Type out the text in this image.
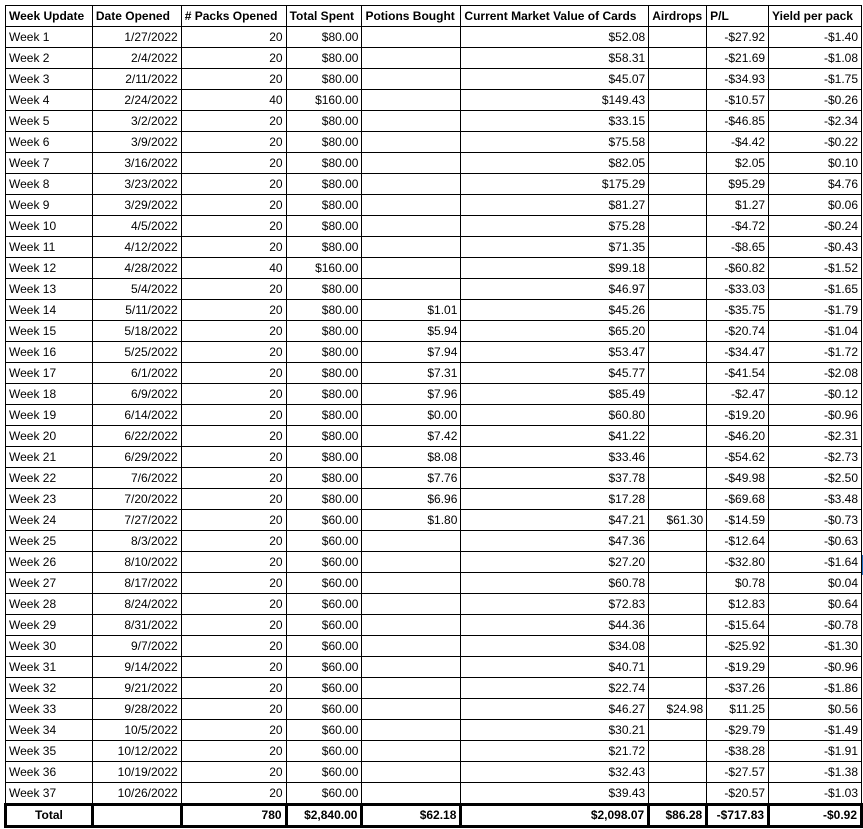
Week Update	Date Opened	# Packs Opened	Total Spent	Potions Bought	Current Market Value of Cards	Airdrops	P/L	Yield per pack
Week 1	1/27/2022	20	$80.00		$52.08		-$27.92	-$1.40
Week 2	2/4/2022	20	$80.00		$58.31		-$21.69	-$1.08
Week 3	2/11/2022	20	$80.00		$45.07		-$34.93	-$1.75
Week 4	2/24/2022	40	$160.00		$149.43		-$10.57	-$0.26
Week 5	3/2/2022	20	$80.00		$33.15		-$46.85	-$2.34
Week 6	3/9/2022	20	$80.00		$75.58		-$4.42	-$0.22
Week 7	3/16/2022	20	$80.00		$82.05		$2.05	$0.10
Week 8	3/23/2022	20	$80.00		$175.29		$95.29	$4.76
Week 9	3/29/2022	20	$80.00		$81.27		$1.27	$0.06
Week 10	4/5/2022	20	$80.00		$75.28		-$4.72	-$0.24
Week 11	4/12/2022	20	$80.00		$71.35		-$8.65	-$0.43
Week 12	4/28/2022	40	$160.00		$99.18		-$60.82	-$1.52
Week 13	5/4/2022	20	$80.00		$46.97		-$33.03	-$1.65
Week 14	5/11/2022	20	$80.00	$1.01	$45.26		-$35.75	-$1.79
Week 15	5/18/2022	20	$80.00	$5.94	$65.20		-$20.74	-$1.04
Week 16	5/25/2022	20	$80.00	$7.94	$53.47		-$34.47	-$1.72
Week 17	6/1/2022	20	$80.00	$7.31	$45.77		-$41.54	-$2.08
Week 18	6/9/2022	20	$80.00	$7.96	$85.49		-$2.47	-$0.12
Week 19	6/14/2022	20	$80.00	$0.00	$60.80		-$19.20	-$0.96
Week 20	6/22/2022	20	$80.00	$7.42	$41.22		-$46.20	-$2.31
Week 21	6/29/2022	20	$80.00	$8.08	$33.46		-$54.62	-$2.73
Week 22	7/6/2022	20	$80.00	$7.76	$37.78		-$49.98	-$2.50
Week 23	7/20/2022	20	$80.00	$6.96	$17.28		-$69.68	-$3.48
Week 24	7/27/2022	20	$60.00	$1.80	$47.21	$61.30	-$14.59	-$0.73
Week 25	8/3/2022	20	$60.00		$47.36		-$12.64	-$0.63
Week 26	8/10/2022	20	$60.00		$27.20		-$32.80	-$1.64
Week 27	8/17/2022	20	$60.00		$60.78		$0.78	$0.04
Week 28	8/24/2022	20	$60.00		$72.83		$12.83	$0.64
Week 29	8/31/2022	20	$60.00		$44.36		-$15.64	-$0.78
Week 30	9/7/2022	20	$60.00		$34.08		-$25.92	-$1.30
Week 31	9/14/2022	20	$60.00		$40.71		-$19.29	-$0.96
Week 32	9/21/2022	20	$60.00		$22.74		-$37.26	-$1.86
Week 33	9/28/2022	20	$60.00		$46.27	$24.98	$11.25	$0.56
Week 34	10/5/2022	20	$60.00		$30.21		-$29.79	-$1.49
Week 35	10/12/2022	20	$60.00		$21.72		-$38.28	-$1.91
Week 36	10/19/2022	20	$60.00		$32.43		-$27.57	-$1.38
Week 37	10/26/2022	20	$60.00		$39.43		-$20.57	-$1.03
Total		780	$2,840.00	$62.18	$2,098.07	$86.28	-$717.83	-$0.92
